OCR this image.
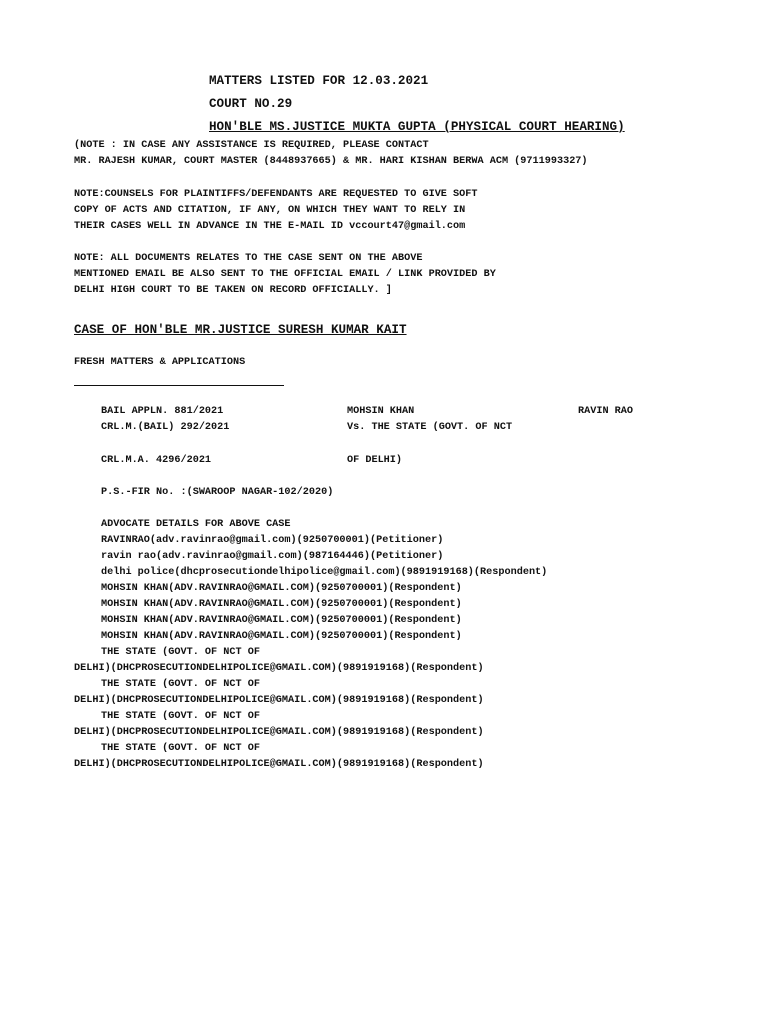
MATTERS LISTED FOR 12.03.2021
COURT NO.29
HON'BLE MS.JUSTICE MUKTA GUPTA (PHYSICAL COURT HEARING)
(NOTE : IN CASE ANY ASSISTANCE IS REQUIRED, PLEASE CONTACT
MR. RAJESH KUMAR, COURT MASTER (8448937665) & MR. HARI KISHAN BERWA ACM (9711993327)
NOTE:COUNSELS FOR PLAINTIFFS/DEFENDANTS ARE REQUESTED TO GIVE SOFT
COPY OF ACTS AND CITATION, IF ANY, ON WHICH THEY WANT TO RELY IN
THEIR CASES WELL IN ADVANCE IN THE E-MAIL ID vccourt47@gmail.com
NOTE: ALL DOCUMENTS RELATES TO THE CASE SENT ON THE ABOVE
MENTIONED EMAIL BE ALSO SENT TO THE OFFICIAL EMAIL / LINK PROVIDED BY
DELHI HIGH COURT TO BE TAKEN ON RECORD OFFICIALLY. ]
CASE OF HON'BLE MR.JUSTICE SURESH KUMAR KAIT
FRESH MATTERS & APPLICATIONS
BAIL APPLN. 881/2021
CRL.M.(BAIL) 292/2021
CRL.M.A. 4296/2021
MOHSIN KHAN
Vs. THE STATE (GOVT. OF NCT
OF DELHI)
RAVIN RAO
P.S.-FIR No. :(SWAROOP NAGAR-102/2020)
ADVOCATE DETAILS FOR ABOVE CASE
RAVINRAO(adv.ravinrao@gmail.com)(9250700001)(Petitioner)
ravin rao(adv.ravinrao@gmail.com)(987164446)(Petitioner)
delhi police(dhcprosecutiondelhipolice@gmail.com)(9891919168)(Respondent)
MOHSIN KHAN(ADV.RAVINRAO@GMAIL.COM)(9250700001)(Respondent)
MOHSIN KHAN(ADV.RAVINRAO@GMAIL.COM)(9250700001)(Respondent)
MOHSIN KHAN(ADV.RAVINRAO@GMAIL.COM)(9250700001)(Respondent)
MOHSIN KHAN(ADV.RAVINRAO@GMAIL.COM)(9250700001)(Respondent)
THE STATE (GOVT. OF NCT OF
DELHI)(DHCPROSECUTIONDELHIPOLICE@GMAIL.COM)(9891919168)(Respondent)
THE STATE (GOVT. OF NCT OF
DELHI)(DHCPROSECUTIONDELHIPOLICE@GMAIL.COM)(9891919168)(Respondent)
THE STATE (GOVT. OF NCT OF
DELHI)(DHCPROSECUTIONDELHIPOLICE@GMAIL.COM)(9891919168)(Respondent)
THE STATE (GOVT. OF NCT OF
DELHI)(DHCPROSECUTIONDELHIPOLICE@GMAIL.COM)(9891919168)(Respondent)
